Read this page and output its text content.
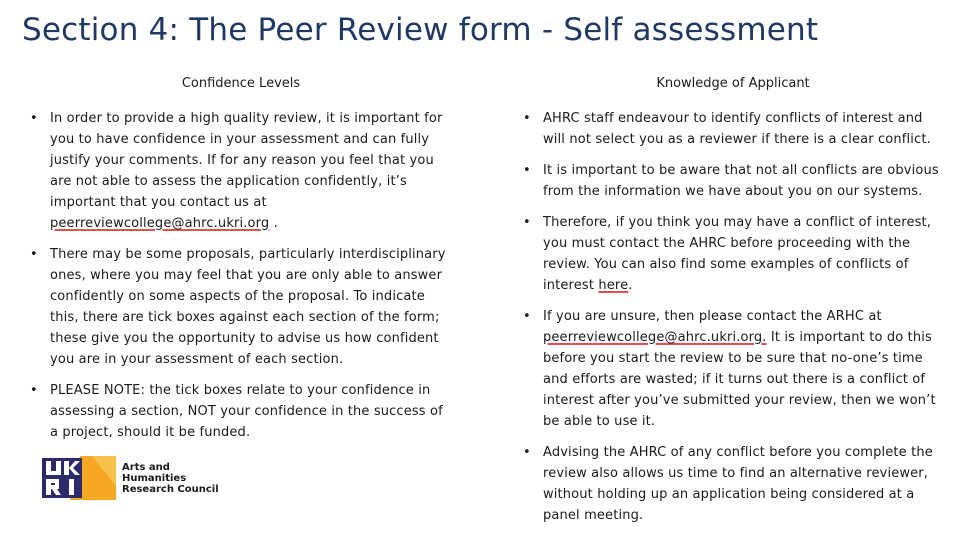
Section 4: The Peer Review form - Self assessment

Confidence Levels

• In order to provide a high quality review, it is important for you to have confidence in your assessment and can fully justify your comments. If for any reason you feel that you are not able to assess the application confidently, it’s important that you contact us at peerreviewcollege@ahrc.ukri.org .
• There may be some proposals, particularly interdisciplinary ones, where you may feel that you are only able to answer confidently on some aspects of the proposal. To indicate this, there are tick boxes against each section of the form; these give you the opportunity to advise us how confident you are in your assessment of each section.
• PLEASE NOTE: the tick boxes relate to your confidence in assessing a section, NOT your confidence in the success of a project, should it be funded.

Knowledge of Applicant

• AHRC staff endeavour to identify conflicts of interest and will not select you as a reviewer if there is a clear conflict.
• It is important to be aware that not all conflicts are obvious from the information we have about you on our systems.
• Therefore, if you think you may have a conflict of interest, you must contact the AHRC before proceeding with the review. You can also find some examples of conflicts of interest here.
• If you are unsure, then please contact the ARHC at peerreviewcollege@ahrc.ukri.org. It is important to do this before you start the review to be sure that no-one’s time and efforts are wasted; if it turns out there is a conflict of interest after you’ve submitted your review, then we won’t be able to use it.
• Advising the AHRC of any conflict before you complete the review also allows us time to find an alternative reviewer, without holding up an application being considered at a panel meeting.
Arts and
Humanities
Research Council
